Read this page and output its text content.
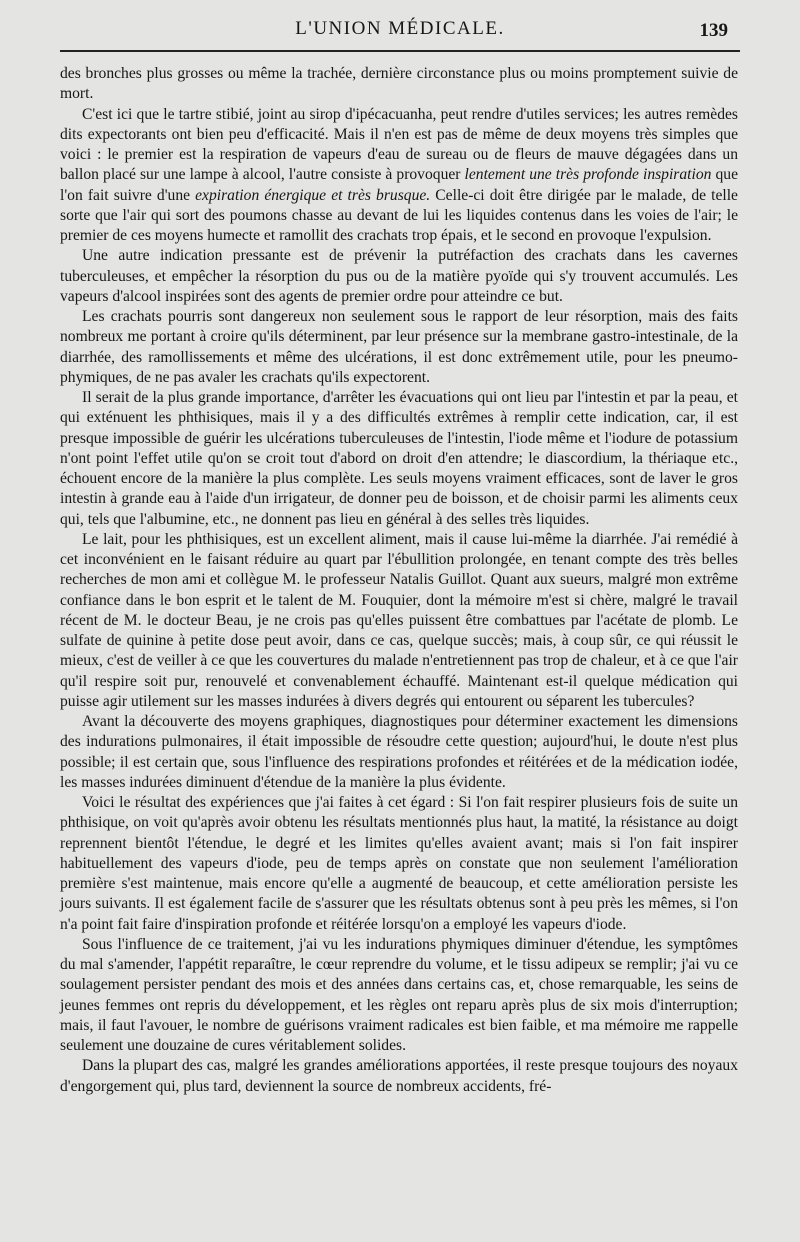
L'UNION MÉDICALE.	139

des bronches plus grosses ou même la trachée, dernière circonstance plus ou moins promptement suivie de mort.

C'est ici que le tartre stibié, joint au sirop d'ipécacuanha, peut rendre d'utiles services; les autres remèdes dits expectorants ont bien peu d'efficacité. Mais il n'en est pas de même de deux moyens très simples que voici : le premier est la respiration de vapeurs d'eau de sureau ou de fleurs de mauve dégagées dans un ballon placé sur une lampe à alcool, l'autre consiste à provoquer lentement une très profonde inspiration que l'on fait suivre d'une expiration énergique et très brusque. Celle-ci doit être dirigée par le malade, de telle sorte que l'air qui sort des poumons chasse au devant de lui les liquides contenus dans les voies de l'air; le premier de ces moyens humecte et ramollit des crachats trop épais, et le second en provoque l'expulsion.

Une autre indication pressante est de prévenir la putréfaction des crachats dans les cavernes tuberculeuses, et empêcher la résorption du pus ou de la matière pyoïde qui s'y trouvent accumulés. Les vapeurs d'alcool inspirées sont des agents de premier ordre pour atteindre ce but.

Les crachats pourris sont dangereux non seulement sous le rapport de leur résorption, mais des faits nombreux me portant à croire qu'ils déterminent, par leur présence sur la membrane gastro-intestinale, de la diarrhée, des ramollissements et même des ulcérations, il est donc extrêmement utile, pour les pneumo-phymiques, de ne pas avaler les crachats qu'ils expectorent.

Il serait de la plus grande importance, d'arrêter les évacuations qui ont lieu par l'intestin et par la peau, et qui exténuent les phthisiques, mais il y a des difficultés extrêmes à remplir cette indication, car, il est presque impossible de guérir les ulcérations tuberculeuses de l'intestin, l'iode même et l'iodure de potassium n'ont point l'effet utile qu'on se croit tout d'abord on droit d'en attendre; le diascordium, la thériaque etc., échouent encore de la manière la plus complète. Les seuls moyens vraiment efficaces, sont de laver le gros intestin à grande eau à l'aide d'un irrigateur, de donner peu de boisson, et de choisir parmi les aliments ceux qui, tels que l'albumine, etc., ne donnent pas lieu en général à des selles très liquides.

Le lait, pour les phthisiques, est un excellent aliment, mais il cause lui-même la diarrhée. J'ai remédié à cet inconvénient en le faisant réduire au quart par l'ébullition prolongée, en tenant compte des très belles recherches de mon ami et collègue M. le professeur Natalis Guillot. Quant aux sueurs, malgré mon extrême confiance dans le bon esprit et le talent de M. Fouquier, dont la mémoire m'est si chère, malgré le travail récent de M. le docteur Beau, je ne crois pas qu'elles puissent être combattues par l'acétate de plomb. Le sulfate de quinine à petite dose peut avoir, dans ce cas, quelque succès; mais, à coup sûr, ce qui réussit le mieux, c'est de veiller à ce que les couvertures du malade n'entretiennent pas trop de chaleur, et à ce que l'air qu'il respire soit pur, renouvelé et convenablement échauffé. Maintenant est-il quelque médication qui puisse agir utilement sur les masses indurées à divers degrés qui entourent ou séparent les tubercules?

Avant la découverte des moyens graphiques, diagnostiques pour déterminer exactement les dimensions des indurations pulmonaires, il était impossible de résoudre cette question; aujourd'hui, le doute n'est plus possible; il est certain que, sous l'influence des respirations profondes et réitérées et de la médication iodée, les masses indurées diminuent d'étendue de la manière la plus évidente.

Voici le résultat des expériences que j'ai faites à cet égard : Si l'on fait respirer plusieurs fois de suite un phthisique, on voit qu'après avoir obtenu les résultats mentionnés plus haut, la matité, la résistance au doigt reprennent bientôt l'étendue, le degré et les limites qu'elles avaient avant; mais si l'on fait inspirer habituellement des vapeurs d'iode, peu de temps après on constate que non seulement l'amélioration première s'est maintenue, mais encore qu'elle a augmenté de beaucoup, et cette amélioration persiste les jours suivants. Il est également facile de s'assurer que les résultats obtenus sont à peu près les mêmes, si l'on n'a point fait faire d'inspiration profonde et réitérée lorsqu'on a employé les vapeurs d'iode.

Sous l'influence de ce traitement, j'ai vu les indurations phymiques diminuer d'étendue, les symptômes du mal s'amender, l'appétit reparaître, le cœur reprendre du volume, et le tissu adipeux se remplir; j'ai vu ce soulagement persister pendant des mois et des années dans certains cas, et, chose remarquable, les seins de jeunes femmes ont repris du développement, et les règles ont reparu après plus de six mois d'interruption; mais, il faut l'avouer, le nombre de guérisons vraiment radicales est bien faible, et ma mémoire me rappelle seulement une douzaine de cures véritablement solides.

Dans la plupart des cas, malgré les grandes améliorations apportées, il reste presque toujours des noyaux d'engorgement qui, plus tard, deviennent la source de nombreux accidents, fré-
